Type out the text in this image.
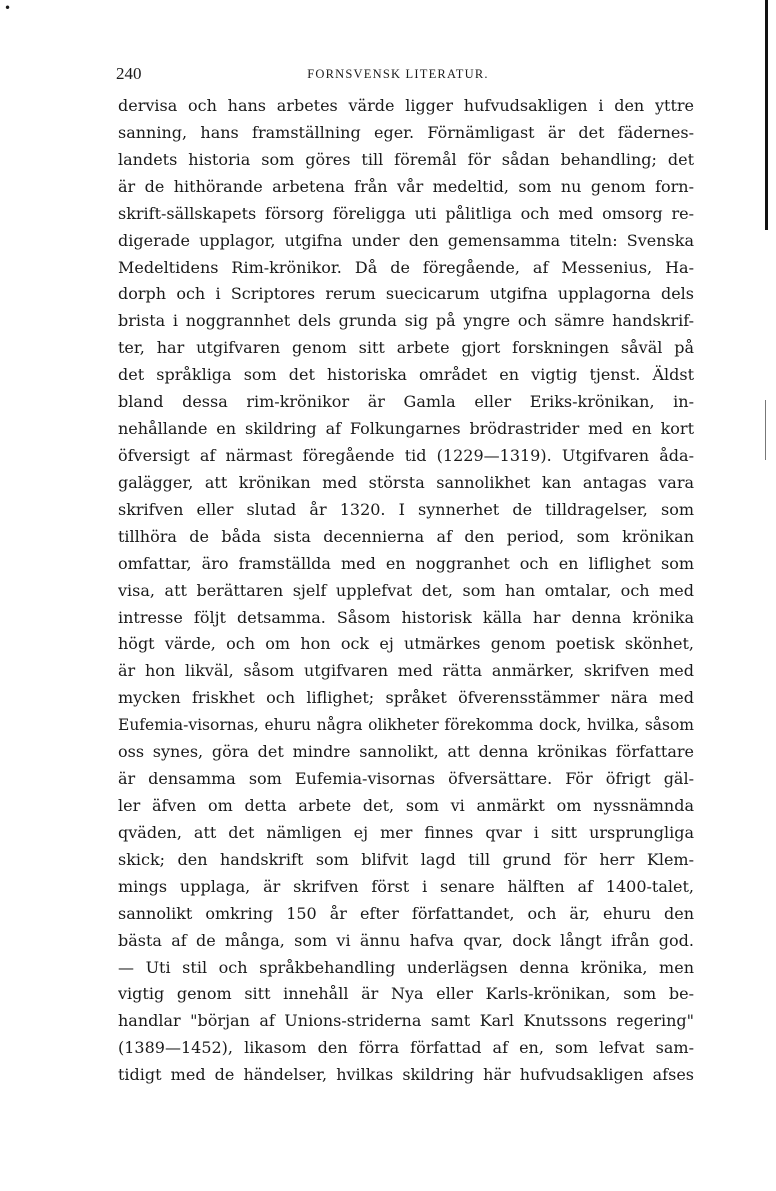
•
240	FORNSVENSK LITERATUR.
dervisa och hans arbetes värde ligger hufvudsakligen i den yttre
sanning, hans framställning eger. Förnämligast är det fädernes-
landets historia som göres till föremål för sådan behandling; det
är de hithörande arbetena från vår medeltid, som nu genom forn-
skrift-sällskapets försorg föreligga uti pålitliga och med omsorg re-
digerade upplagor, utgifna under den gemensamma titeln: Svenska
Medeltidens Rim-krönikor. Då de föregående, af Messenius, Ha-
dorph och i Scriptores rerum suecicarum utgifna upplagorna dels
brista i noggrannhet dels grunda sig på yngre och sämre handskrif-
ter, har utgifvaren genom sitt arbete gjort forskningen såväl på
det språkliga som det historiska området en vigtig tjenst. Äldst
bland dessa rim-krönikor är Gamla eller Eriks-krönikan, in-
nehållande en skildring af Folkungarnes brödrastrider med en kort
öfversigt af närmast föregående tid (1229—1319). Utgifvaren åda-
galägger, att krönikan med största sannolikhet kan antagas vara
skrifven eller slutad år 1320. I synnerhet de tilldragelser, som
tillhöra de båda sista decennierna af den period, som krönikan
omfattar, äro framställda med en noggranhet och en liflighet som
visa, att berättaren sjelf upplefvat det, som han omtalar, och med
intresse följt detsamma. Såsom historisk källa har denna krönika
högt värde, och om hon ock ej utmärkes genom poetisk skönhet,
är hon likväl, såsom utgifvaren med rätta anmärker, skrifven med
mycken friskhet och liflighet; språket öfverensstämmer nära med
Eufemia-visornas, ehuru några olikheter förekomma dock, hvilka, såsom
oss synes, göra det mindre sannolikt, att denna krönikas författare
är densamma som Eufemia-visornas öfversättare. För öfrigt gäl-
ler äfven om detta arbete det, som vi anmärkt om nyssnämnda
qväden, att det nämligen ej mer finnes qvar i sitt ursprungliga
skick; den handskrift som blifvit lagd till grund för herr Klem-
mings upplaga, är skrifven först i senare hälften af 1400-talet,
sannolikt omkring 150 år efter författandet, och är, ehuru den
bästa af de många, som vi ännu hafva qvar, dock långt ifrån god.
— Uti stil och språkbehandling underlägsen denna krönika, men
vigtig genom sitt innehåll är Nya eller Karls-krönikan, som be-
handlar "början af Unions-striderna samt Karl Knutssons regering"
(1389—1452), likasom den förra författad af en, som lefvat sam-
tidigt med de händelser, hvilkas skildring här hufvudsakligen afses
